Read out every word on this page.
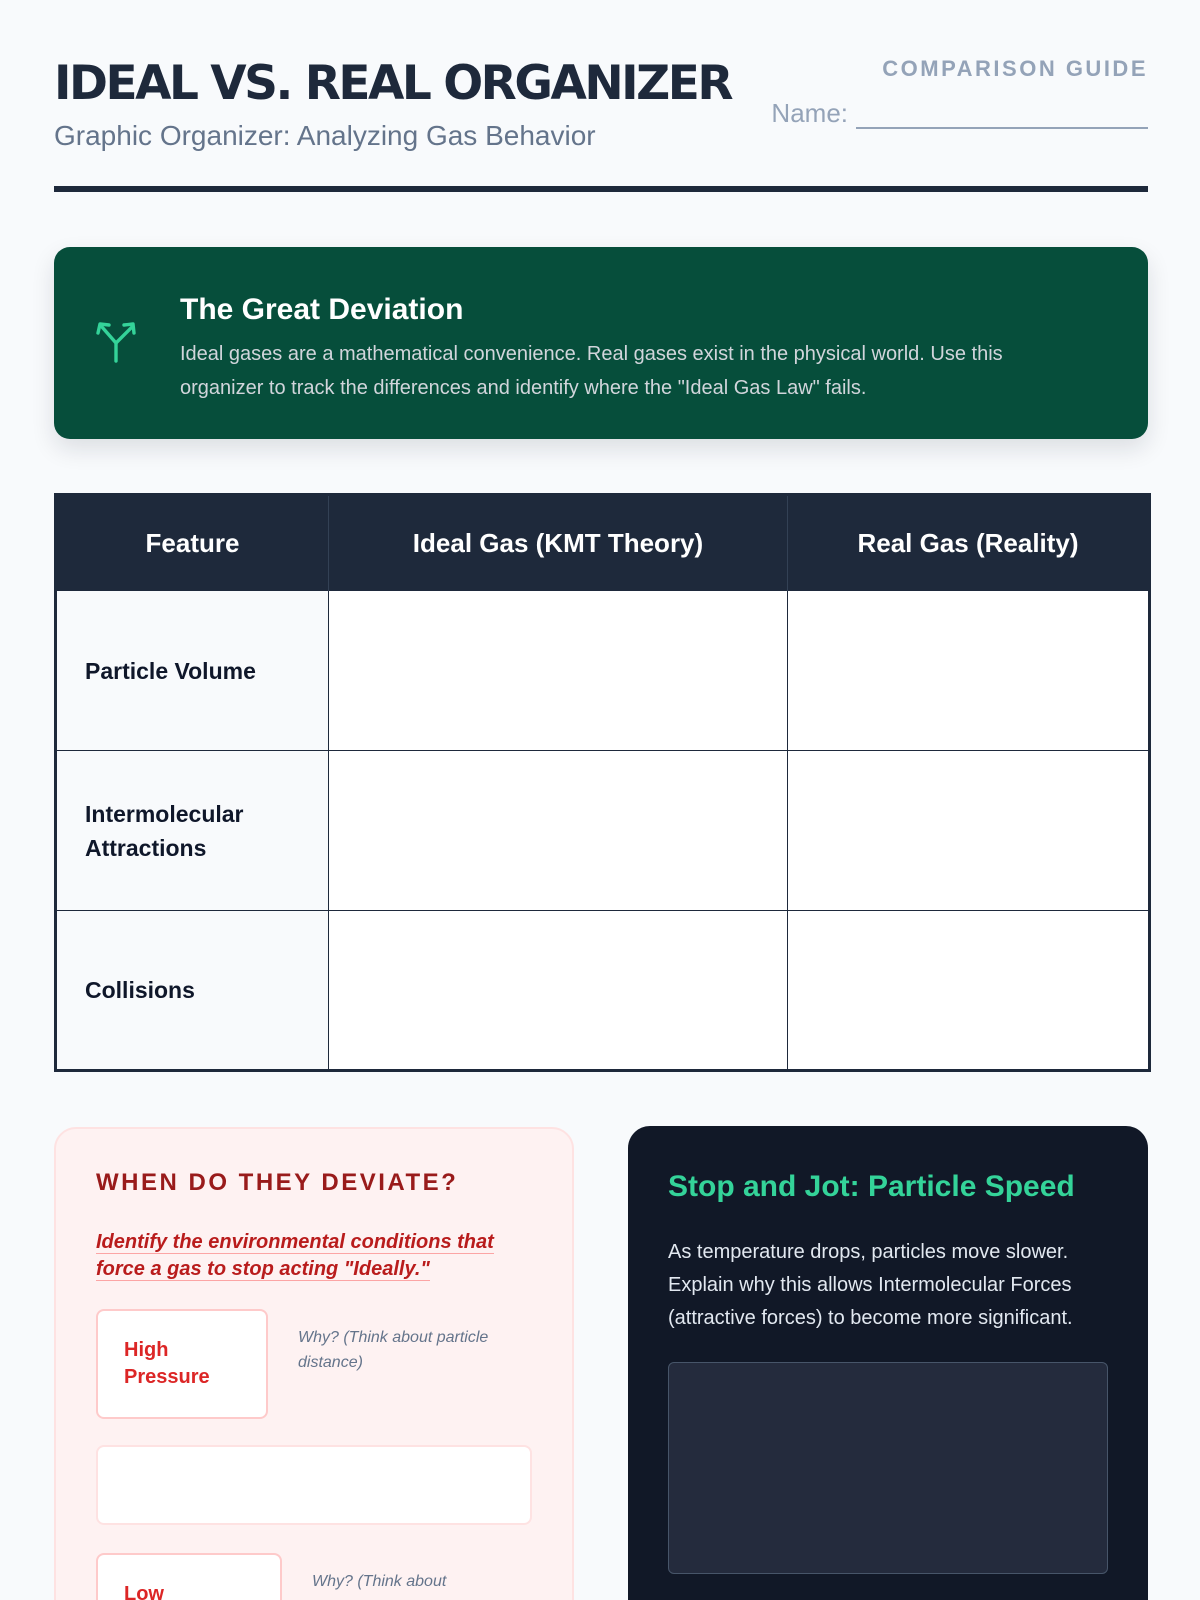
IDEAL VS. REAL ORGANIZER
Graphic Organizer: Analyzing Gas Behavior
COMPARISON GUIDE
Name:
The Great Deviation
Ideal gases are a mathematical convenience. Real gases exist in the physical world. Use this organizer to track the differences and identify where the "Ideal Gas Law" fails.
Feature	Ideal Gas (KMT Theory)	Real Gas (Reality)
Particle Volume		
Intermolecular Attractions		
Collisions		
WHEN DO THEY DEVIATE?
Identify the environmental conditions that force a gas to stop acting "Ideally."
High Pressure
Why? (Think about particle distance)
Low
Why? (Think about
Stop and Jot: Particle Speed
As temperature drops, particles move slower. Explain why this allows Intermolecular Forces (attractive forces) to become more significant.
